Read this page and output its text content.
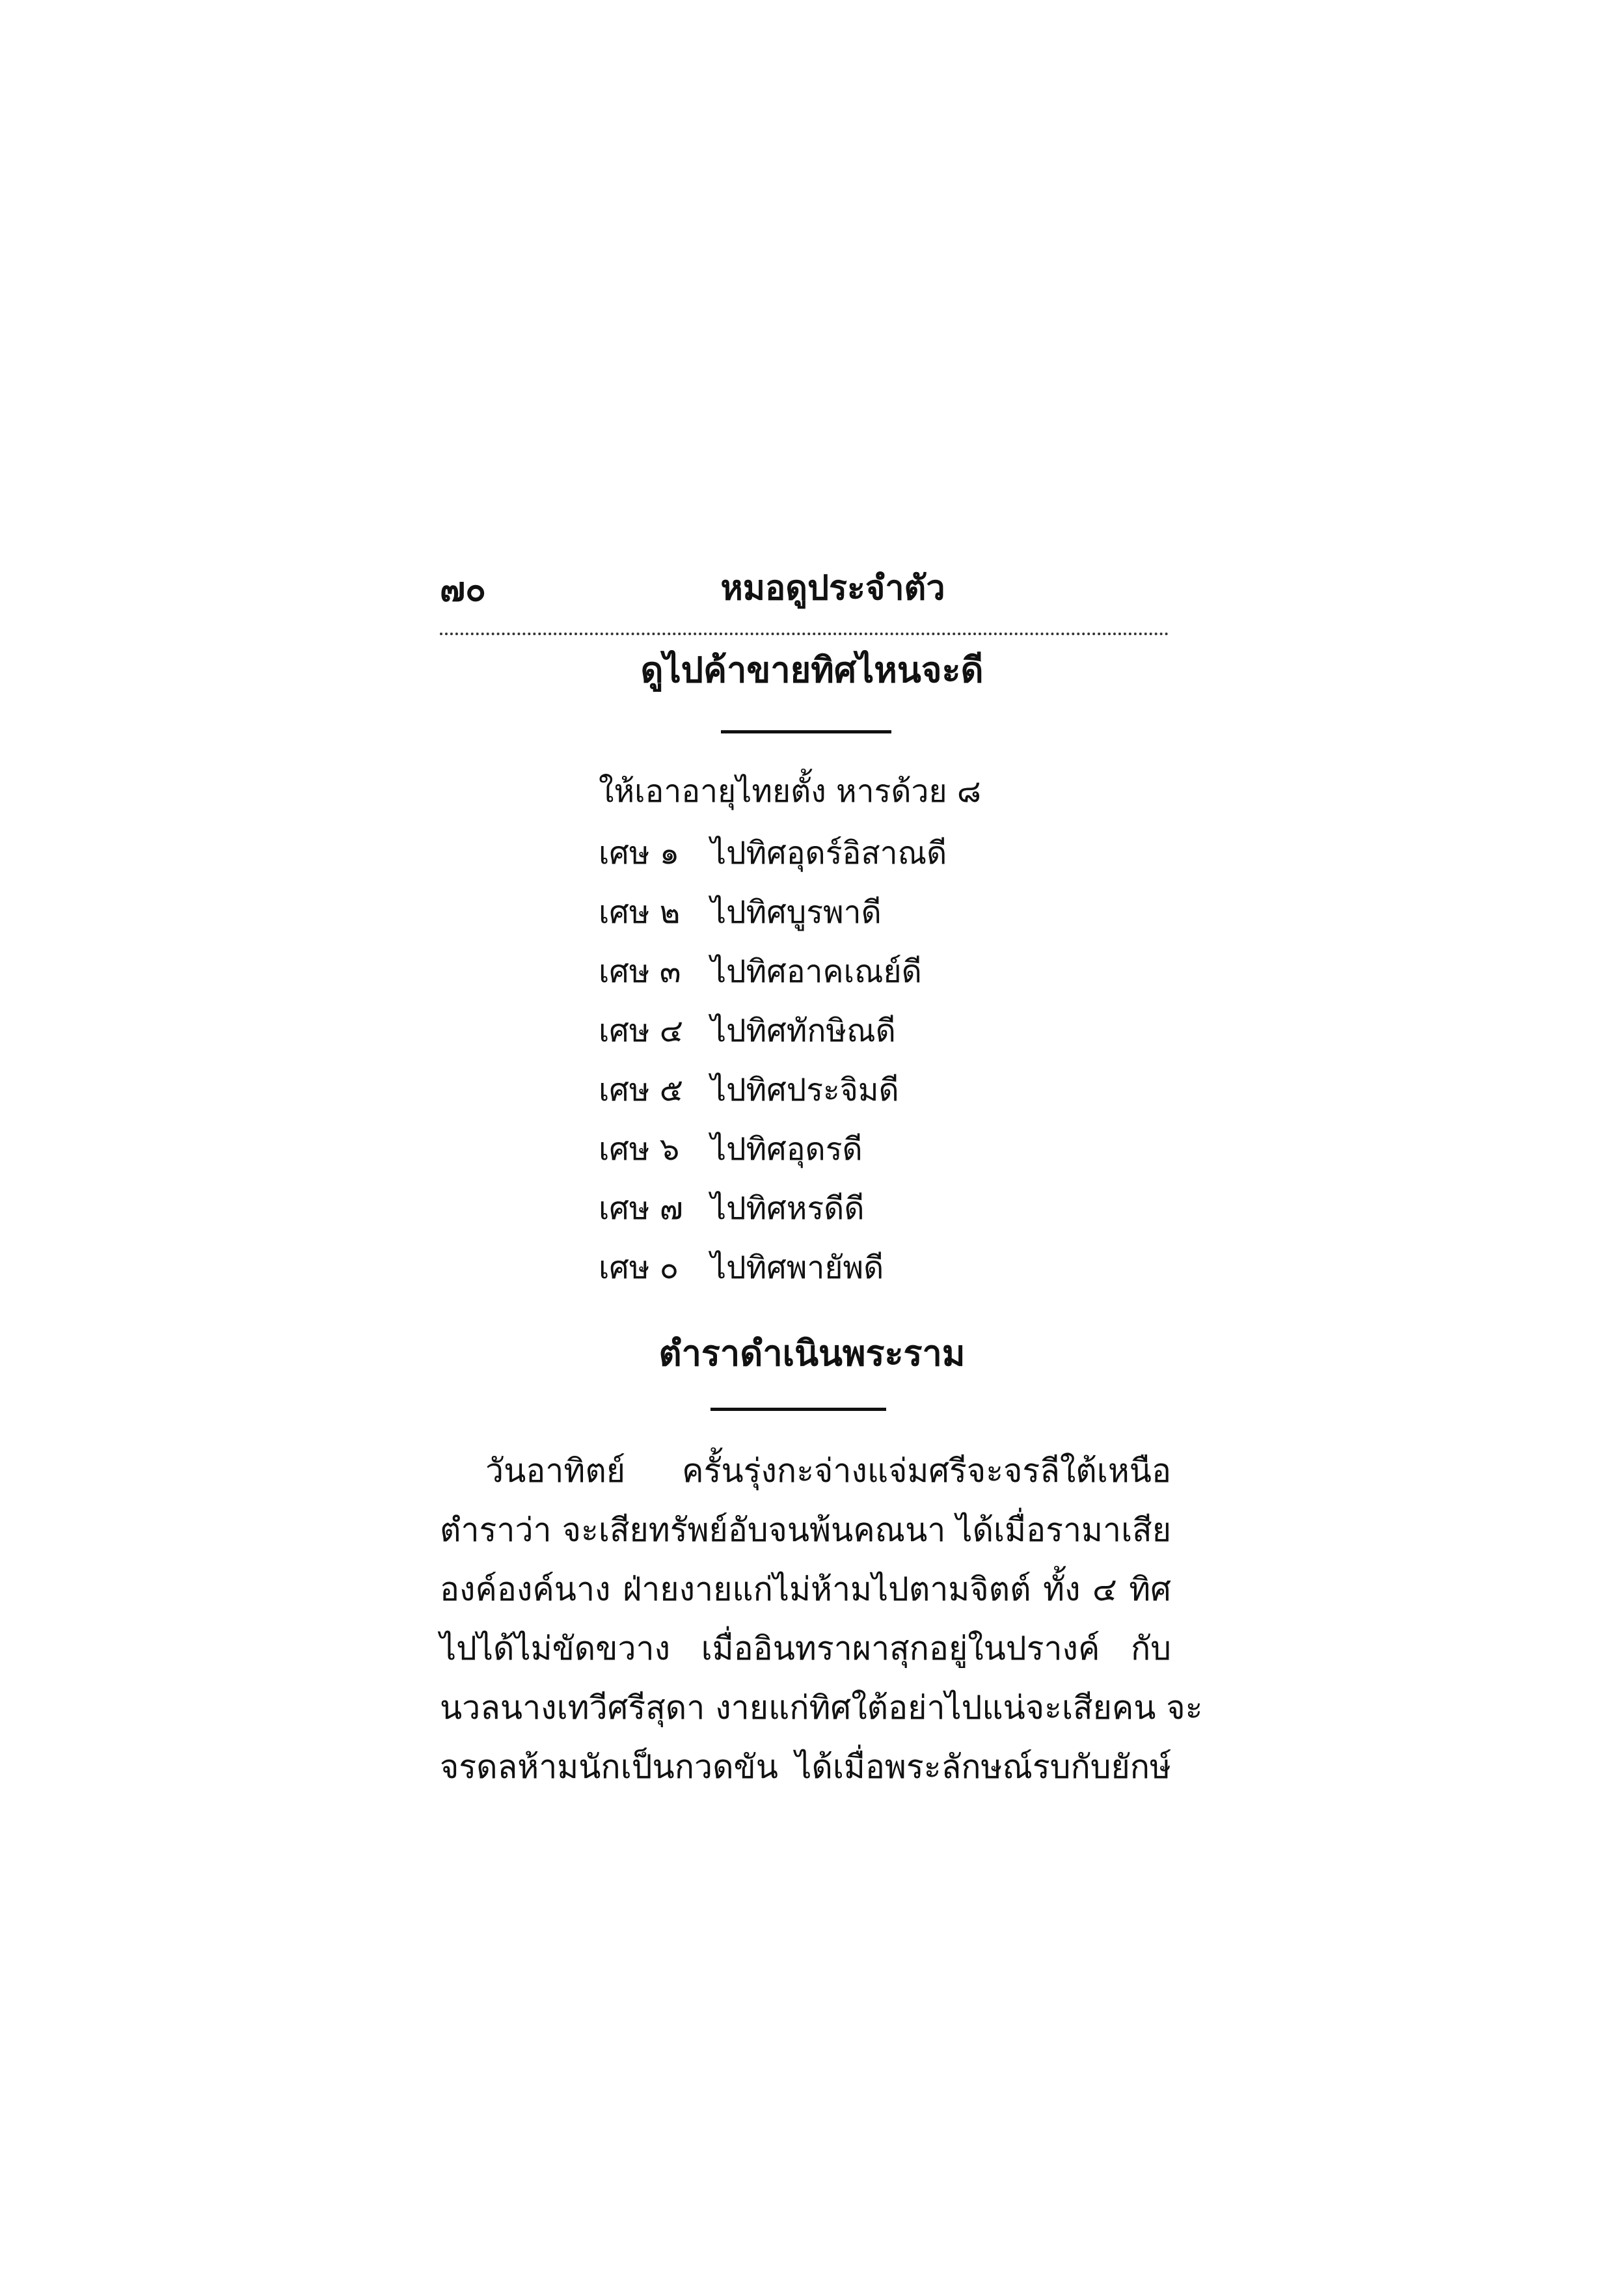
๗๐	หมอดูประจำตัว
ดูไปค้าขายทิศไหนจะดี
ให้เอาอายุไทยตั้ง หารด้วย ๘
เศษ ๑ ไปทิศอุดร์อิสาณดี
เศษ ๒ ไปทิศบูรพาดี
เศษ ๓ ไปทิศอาคเณย์ดี
เศษ ๔ ไปทิศทักษิณดี
เศษ ๕ ไปทิศประจิมดี
เศษ ๖ ไปทิศอุดรดี
เศษ ๗ ไปทิศหรดีดี
เศษ ๐ ไปทิศพายัพดี
ตำราดำเนินพระราม
วันอาทิตย์ ครั้นรุ่งกะจ่างแจ่มศรีจะจรลีใต้เหนือ
ตำราว่า จะเสียทรัพย์อับจนพ้นคณนา ได้เมื่อรามาเสีย
องค์องค์นาง ฝ่ายงายแก่ไม่ห้ามไปตามจิตต์ ทั้ง ๔ ทิศ
ไปได้ไม่ขัดขวาง เมื่ออินทราผาสุกอยู่ในปรางค์ กับ
นวลนางเทวีศรีสุดา งายแก่ทิศใต้อย่าไปแน่จะเสียคน จะ
จรดลห้ามนักเป็นกวดขัน ได้เมื่อพระลักษณ์รบกับยักษ์
